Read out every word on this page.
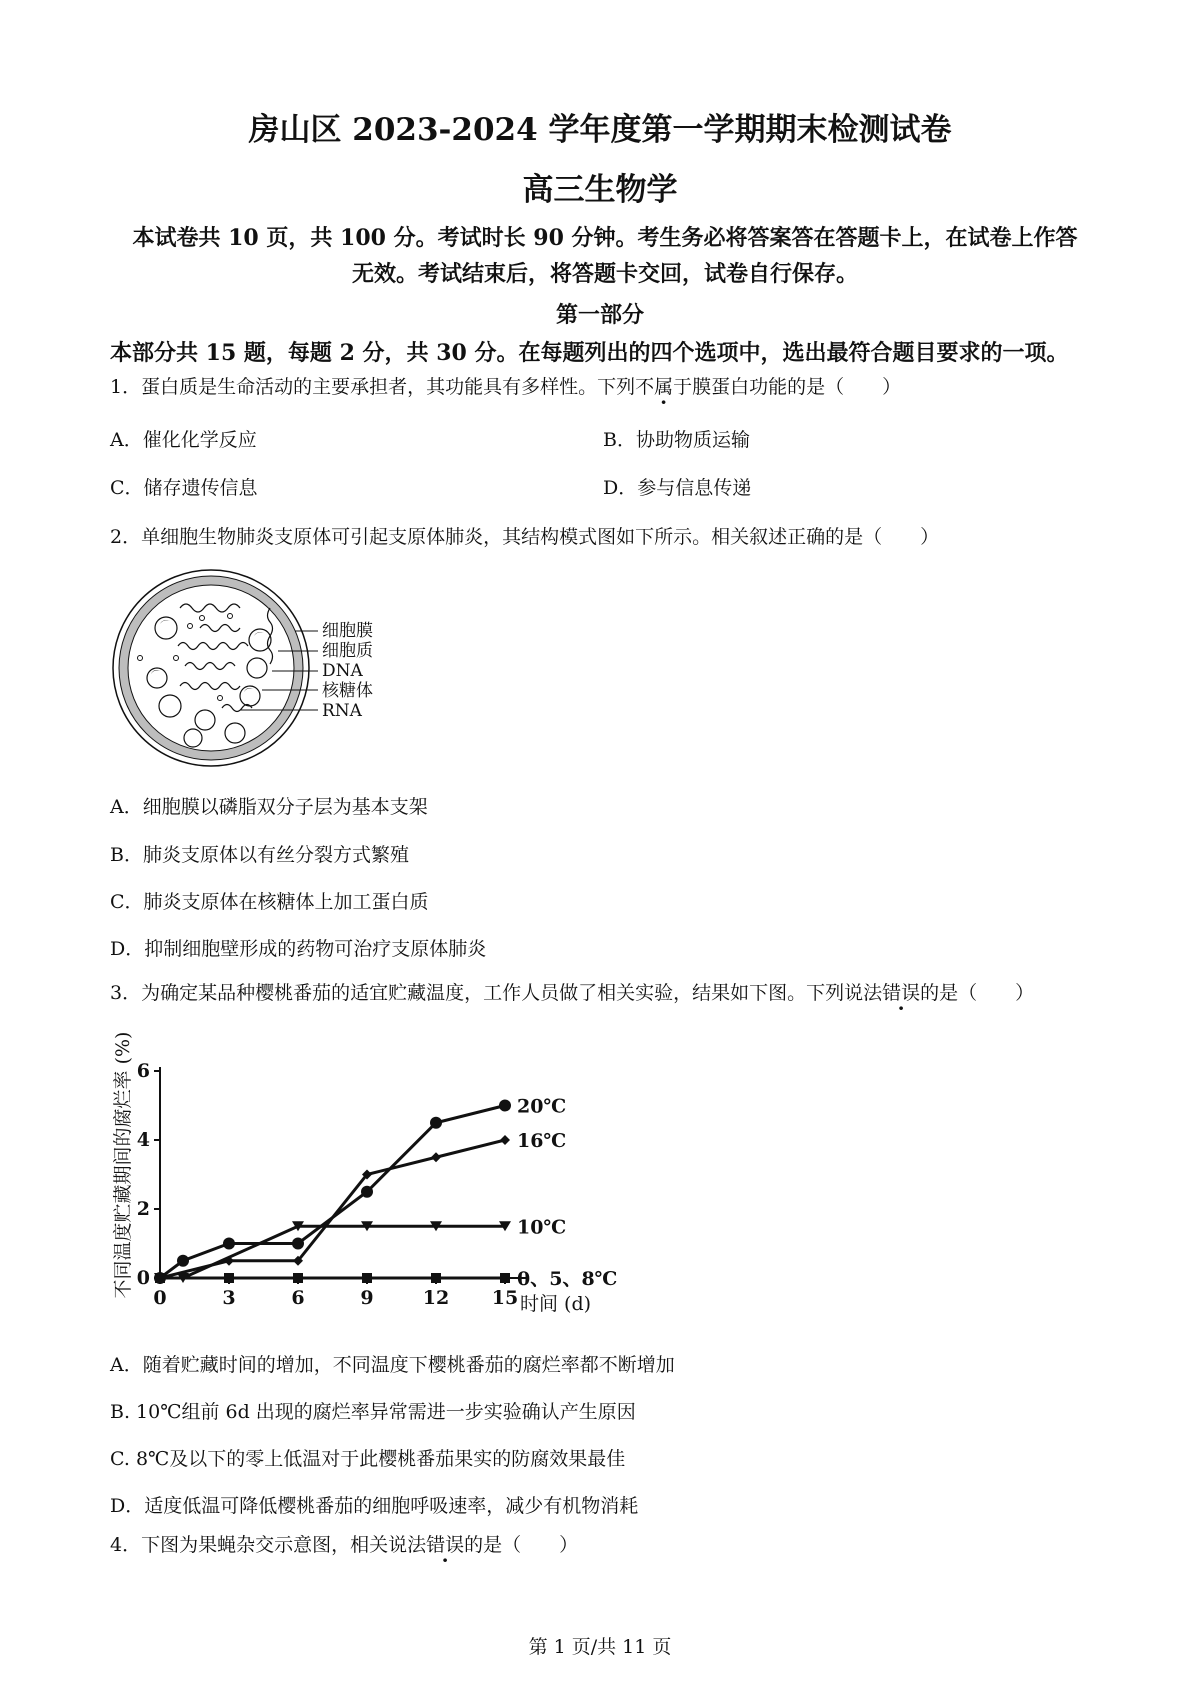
房山区 2023-2024 学年度第一学期期末检测试卷
高三生物学
本试卷共 10 页，共 100 分。考试时长 90 分钟。考生务必将答案答在答题卡上，在试卷上作答
无效。考试结束后，将答题卡交回，试卷自行保存。
第一部分
本部分共 15 题，每题 2 分，共 30 分。在每题列出的四个选项中，选出最符合题目要求的一项。
1．蛋白质是生命活动的主要承担者，其功能具有多样性。下列不属于膜蛋白功能的是（　　）
A．催化化学反应	B．协助物质运输
C．储存遗传信息	D．参与信息传递
2．单细胞生物肺炎支原体可引起支原体肺炎，其结构模式图如下所示。相关叙述正确的是（　　）
细胞膜
细胞质
DNA
核糖体
RNA
A．细胞膜以磷脂双分子层为基本支架
B．肺炎支原体以有丝分裂方式繁殖
C．肺炎支原体在核糖体上加工蛋白质
D．抑制细胞壁形成的药物可治疗支原体肺炎
3．为确定某品种樱桃番茄的适宜贮藏温度，工作人员做了相关实验，结果如下图。下列说法错误的是（　　）
不同温度贮藏期间的腐烂率 (%)
时间 (d)
0
2
4
6
0	3	6	9	12 15
20℃
16℃
10℃
0、5、8℃
A．随着贮藏时间的增加，不同温度下樱桃番茄的腐烂率都不断增加
B. 10℃组前 6d 出现的腐烂率异常需进一步实验确认产生原因
C. 8℃及以下的零上低温对于此樱桃番茄果实的防腐效果最佳
D．适度低温可降低樱桃番茄的细胞呼吸速率，减少有机物消耗
4．下图为果蝇杂交示意图，相关说法错误的是（　　）
第 1 页/共 11 页
